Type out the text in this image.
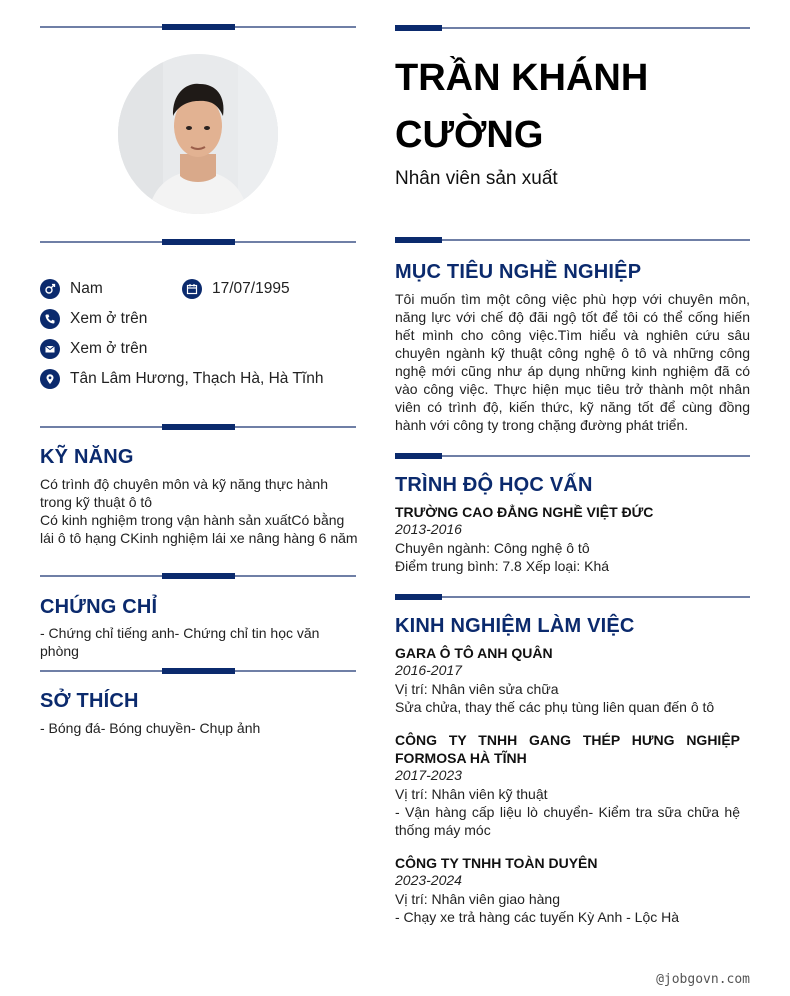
TRẦN KHÁNH CƯỜNG
Nhân viên sản xuất
Nam	17/07/1995
Xem ở trên
Xem ở trên
Tân Lâm Hương, Thạch Hà, Hà Tĩnh
KỸ NĂNG
Có trình độ chuyên môn và kỹ năng thực hành trong kỹ thuật ô tô
Có kinh nghiệm trong vận hành sản xuấtCó bằng lái ô tô hạng CKinh nghiệm lái xe nâng hàng 6 năm
CHỨNG CHỈ
- Chứng chỉ tiếng anh- Chứng chỉ tin học văn phòng
SỞ THÍCH
- Bóng đá- Bóng chuyền- Chụp ảnh
MỤC TIÊU NGHỀ NGHIỆP
Tôi muốn tìm một công việc phù hợp với chuyên môn, năng lực với chế độ đãi ngộ tốt để tôi có thể cống hiến hết mình cho công việc.Tìm hiểu và nghiên cứu sâu chuyên ngành kỹ thuật công nghệ ô tô và những công nghệ mới cũng như áp dụng những kinh nghiệm đã có vào công việc. Thực hiện mục tiêu trở thành một nhân viên có trình độ, kiến thức, kỹ năng tốt để cùng đồng hành với công ty trong chặng đường phát triển.
TRÌNH ĐỘ HỌC VẤN
TRƯỜNG CAO ĐẲNG NGHỀ VIỆT ĐỨC
2013-2016
Chuyên ngành: Công nghệ ô tô
Điểm trung bình: 7.8 Xếp loại: Khá
KINH NGHIỆM LÀM VIỆC
GARA Ô TÔ ANH QUÂN
2016-2017
Vị trí: Nhân viên sửa chữa
Sửa chửa, thay thế các phụ tùng liên quan đến ô tô
CÔNG TY TNHH GANG THÉP HƯNG NGHIỆP FORMOSA HÀ TĨNH
2017-2023
Vị trí: Nhân viên kỹ thuật
- Vận hàng cấp liệu lò chuyển- Kiểm tra sữa chữa hệ thống máy móc
CÔNG TY TNHH TOÀN DUYÊN
2023-2024
Vị trí: Nhân viên giao hàng
- Chạy xe trả hàng các tuyến Kỳ Anh - Lộc Hà
@jobgovn.com
